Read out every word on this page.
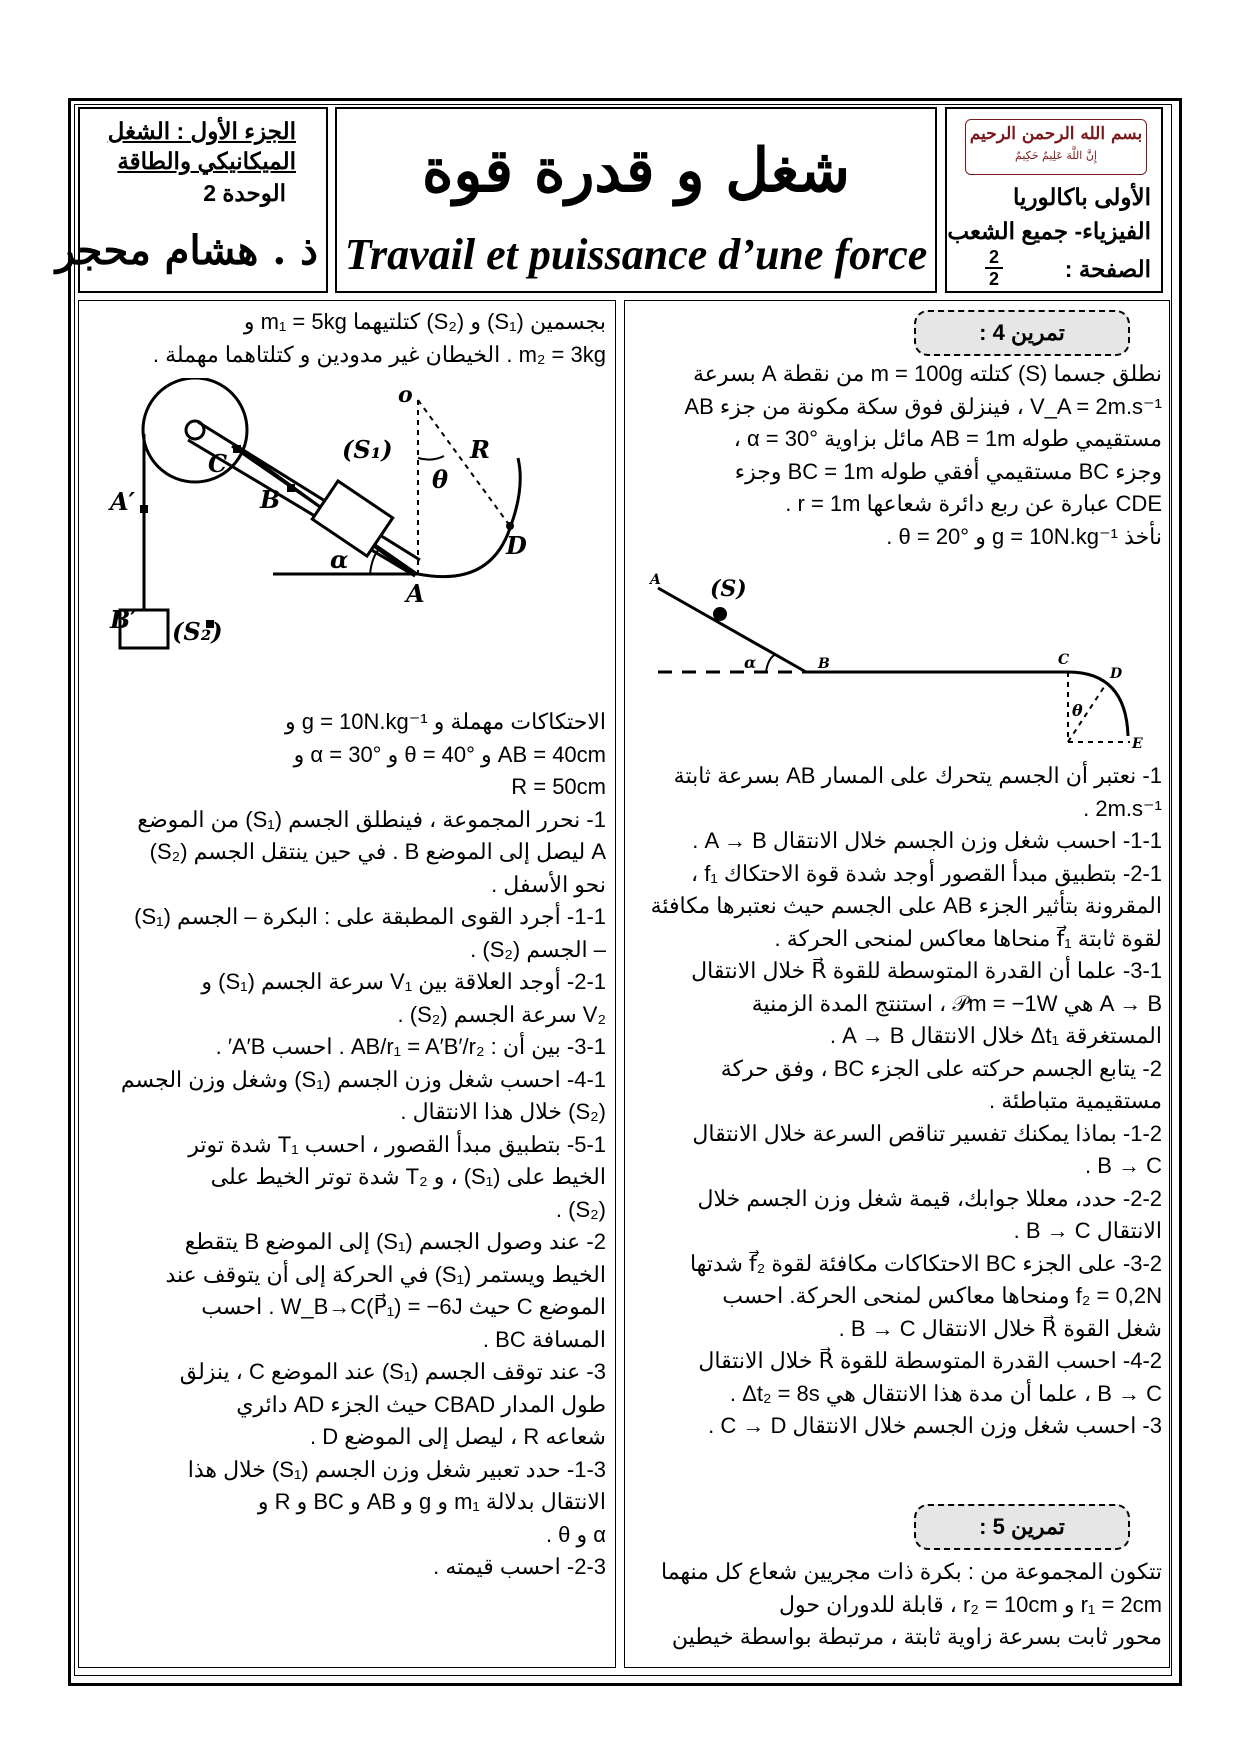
بسم الله الرحمن الرحيم
إِنَّ اللَّهَ عَلِيمٌ حَكِيمٌ
الأولى باكالوريا
الفيزياء- جميع الشعب
الصفحة :
2
2
شغل و قدرة قوة
Travail et puissance d’une force
الجزء الأول : الشغل
الميكانيكي والطاقة
الوحدة 2
ذ . هشام محجر

بجسمين (S₁) و (S₂) كتلتيهما m₁ = 5kg و

m₂ = 3kg . الخيطان غير مدودين و كتلتاهما مهملة .

o
R
θ
(S₁)
(S₂)
C
B
A′
B′
α
A
D

الاحتكاكات مهملة و g = 10N.kg⁻¹ و

AB = 40cm و θ = 40° و α = 30° و

R = 50cm

1- نحرر المجموعة ، فينطلق الجسم (S₁) من الموضع

A ليصل إلى الموضع B . في حين ينتقل الجسم (S₂)

نحو الأسفل .

1-1- أجرد القوى المطبقة على : البكرة – الجسم (S₁)

– الجسم (S₂) .

2-1- أوجد العلاقة بين V₁ سرعة الجسم (S₁) و

V₂ سرعة الجسم (S₂) .

3-1- بين أن : AB/r₁ = A′B′/r₂ . احسب A′B′ .

4-1- احسب شغل وزن الجسم (S₁) وشغل وزن الجسم

(S₂) خلال هذا الانتقال .

5-1- بتطبيق مبدأ القصور ، احسب T₁ شدة توتر

الخيط على (S₁) ، و T₂ شدة توتر الخيط على

(S₂) .

2- عند وصول الجسم (S₁) إلى الموضع B يتقطع

الخيط ويستمر (S₁) في الحركة إلى أن يتوقف عند

الموضع C حيث W_B→C(P⃗₁) = −6J . احسب

المسافة BC .

3- عند توقف الجسم (S₁) عند الموضع C ، ينزلق

طول المدار CBAD حيث الجزء AD دائري

شعاعه R ، ليصل إلى الموضع D .

1-3- حدد تعبير شغل وزن الجسم (S₁) خلال هذا

الانتقال بدلالة m₁ و g و AB و BC و R و

α و θ .

2-3- احسب قيمته .

تمرين 4 :

نطلق جسما (S) كتلته m = 100g من نقطة A بسرعة

V_A = 2m.s⁻¹ ، فينزلق فوق سكة مكونة من جزء AB

مستقيمي طوله AB = 1m مائل بزاوية α = 30° ،

وجزء BC مستقيمي أفقي طوله BC = 1m وجزء

CDE عبارة عن ربع دائرة شعاعها r = 1m .

نأخذ g = 10N.kg⁻¹ و θ = 20° .

A (S)
α	B	C
D
E
θ

1- نعتبر أن الجسم يتحرك على المسار AB بسرعة ثابتة

2m.s⁻¹ .

1-1- احسب شغل وزن الجسم خلال الانتقال A → B .

2-1- بتطبيق مبدأ القصور أوجد شدة قوة الاحتكاك f₁ ،

المقرونة بتأثير الجزء AB على الجسم حيث نعتبرها مكافئة

لقوة ثابتة f⃗₁ منحاها معاكس لمنحى الحركة .

3-1- علما أن القدرة المتوسطة للقوة R⃗ خلال الانتقال

A → B هي 𝒫m = −1W ، استنتج المدة الزمنية

المستغرقة Δt₁ خلال الانتقال A → B .

2- يتابع الجسم حركته على الجزء BC ، وفق حركة

مستقيمية متباطئة .

1-2- بماذا يمكنك تفسير تناقص السرعة خلال الانتقال

B → C .

2-2- حدد، معللا جوابك، قيمة شغل وزن الجسم خلال

الانتقال B → C .

3-2- على الجزء BC الاحتكاكات مكافئة لقوة f⃗₂ شدتها

f₂ = 0,2N ومنحاها معاكس لمنحى الحركة. احسب

شغل القوة R⃗ خلال الانتقال B → C .

4-2- احسب القدرة المتوسطة للقوة R⃗ خلال الانتقال

B → C ، علما أن مدة هذا الانتقال هي Δt₂ = 8s .

3- احسب شغل وزن الجسم خلال الانتقال C → D .

تمرين 5 :

تتكون المجموعة من : بكرة ذات مجريين شعاع كل منهما

r₁ = 2cm و r₂ = 10cm ، قابلة للدوران حول

محور ثابت بسرعة زاوية ثابتة ، مرتبطة بواسطة خيطين
